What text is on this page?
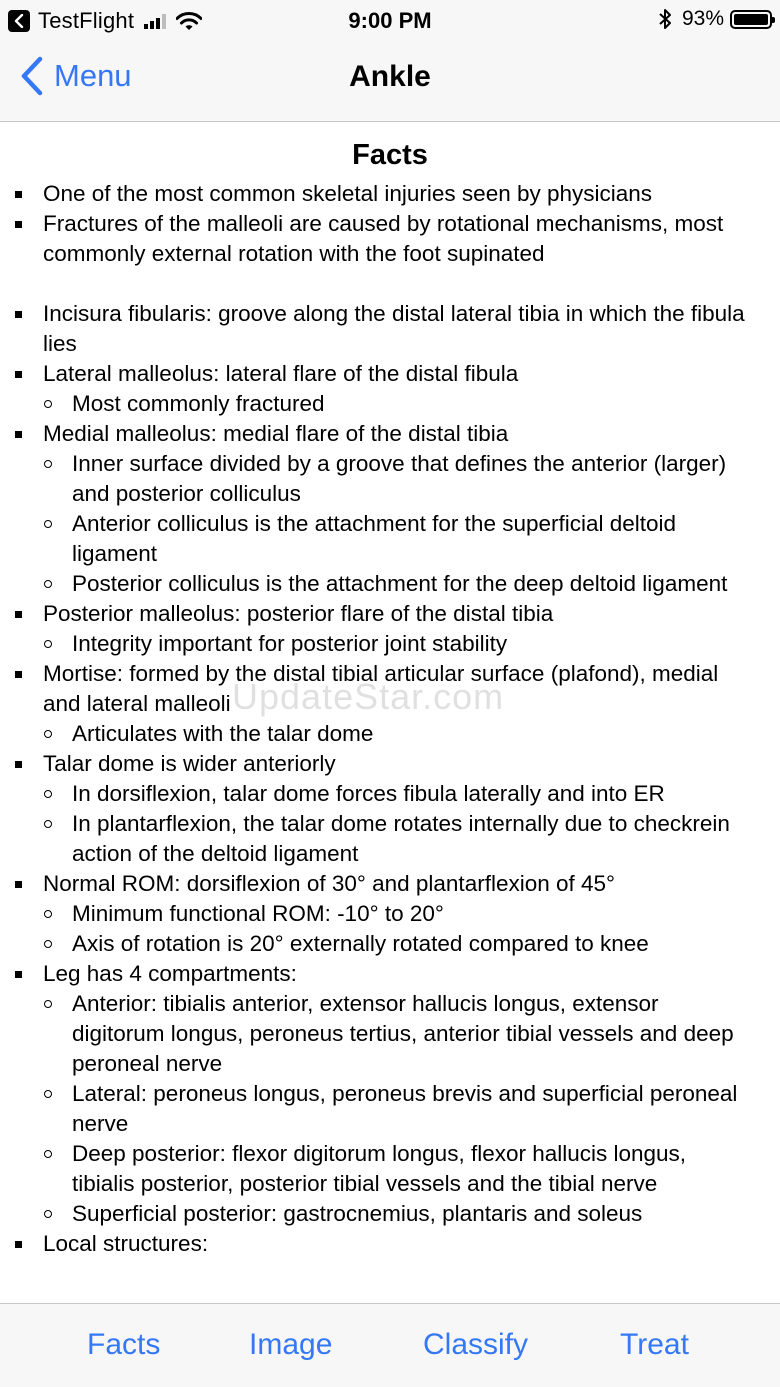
TestFlight	9:00 PM	93%
Menu	Ankle
Facts
One of the most common skeletal injuries seen by physicians
Fractures of the malleoli are caused by rotational mechanisms, most commonly external rotation with the foot supinated
Incisura fibularis: groove along the distal lateral tibia in which the fibula lies
Lateral malleolus: lateral flare of the distal fibula
Most commonly fractured
Medial malleolus: medial flare of the distal tibia
Inner surface divided by a groove that defines the anterior (larger) and posterior colliculus
Anterior colliculus is the attachment for the superficial deltoid ligament
Posterior colliculus is the attachment for the deep deltoid ligament
Posterior malleolus: posterior flare of the distal tibia
Integrity important for posterior joint stability
Mortise: formed by the distal tibial articular surface (plafond), medial and lateral malleoli
Articulates with the talar dome
Talar dome is wider anteriorly
In dorsiflexion, talar dome forces fibula laterally and into ER
In plantarflexion, the talar dome rotates internally due to checkrein action of the deltoid ligament
Normal ROM: dorsiflexion of 30° and plantarflexion of 45°
Minimum functional ROM: -10° to 20°
Axis of rotation is 20° externally rotated compared to knee
Leg has 4 compartments:
Anterior: tibialis anterior, extensor hallucis longus, extensor digitorum longus, peroneus tertius, anterior tibial vessels and deep peroneal nerve
Lateral: peroneus longus, peroneus brevis and superficial peroneal nerve
Deep posterior: flexor digitorum longus, flexor hallucis longus, tibialis posterior, posterior tibial vessels and the tibial nerve
Superficial posterior: gastrocnemius, plantaris and soleus
Local structures:
UpdateStar.com
Facts	Image	Classify	Treat
